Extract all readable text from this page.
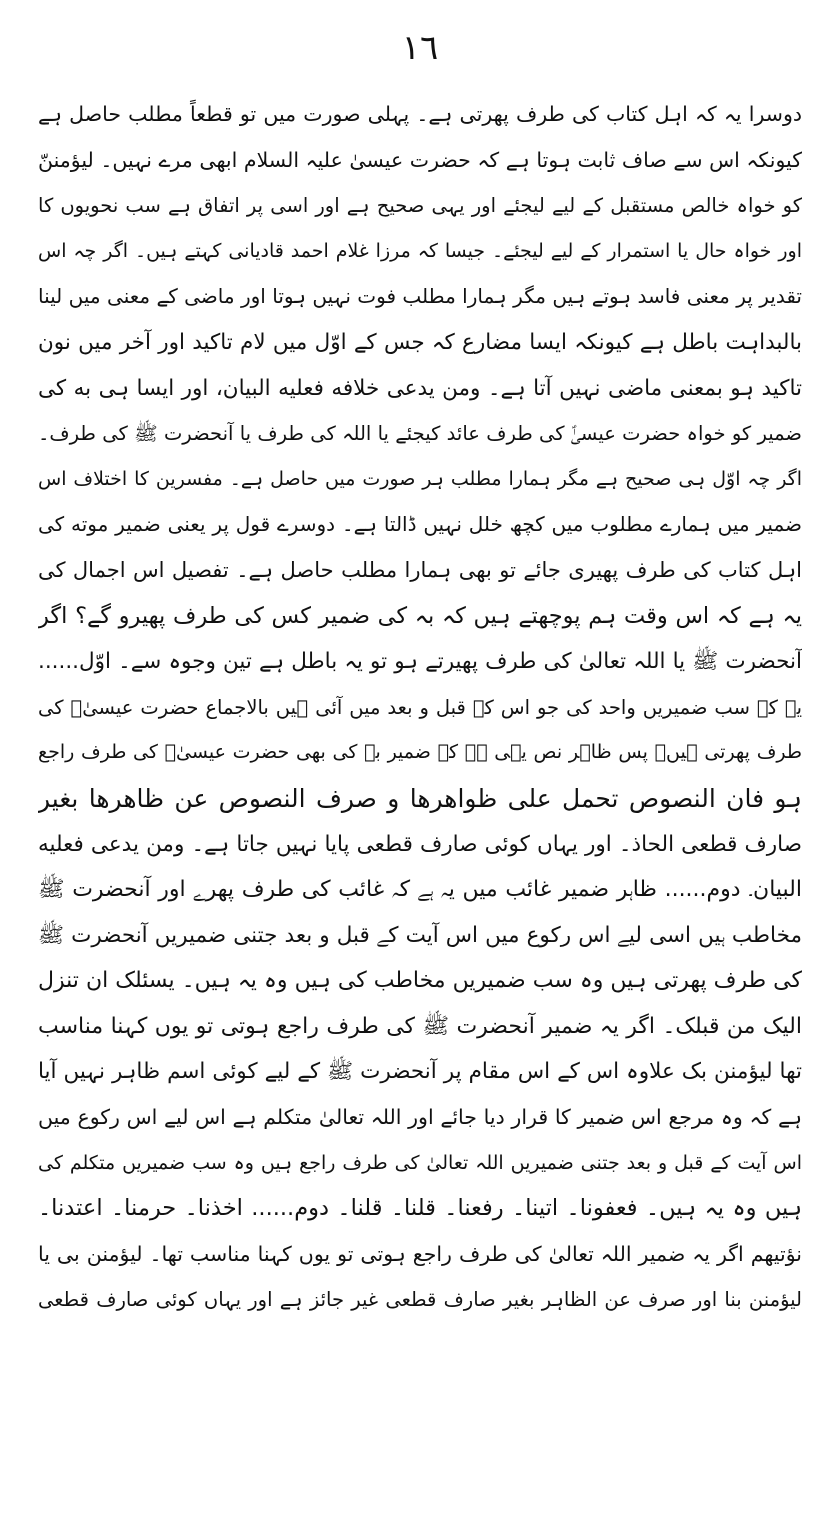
١٦
دوسرا یہ کہ اہل کتاب کی طرف پھرتی ہے۔ پہلی صورت میں تو قطعاً مطلب حاصل ہے
کیونکہ اس سے صاف ثابت ہوتا ہے کہ حضرت عیسیٰ علیہ السلام ابھی مرے نہیں۔ لیؤمننّ
کو خواہ خالص مستقبل کے لیے لیجئے اور یہی صحیح ہے اور اسی پر اتفاق ہے سب نحویوں کا
اور خواہ حال یا استمرار کے لیے لیجئے۔ جیسا کہ مرزا غلام احمد قادیانی کہتے ہیں۔ اگر چہ اس
تقدیر پر معنی فاسد ہوتے ہیں مگر ہمارا مطلب فوت نہیں ہوتا اور ماضی کے معنی میں لینا
بالبداہت باطل ہے کیونکہ ایسا مضارع کہ جس کے اوّل میں لام تاکید اور آخر میں نون
تاکید ہو بمعنی ماضی نہیں آتا ہے۔ ومن یدعی خلافه فعلیه البیان، اور ایسا ہی ﺑﻪ کی
ضمیر کو خواہ حضرت عیسیٰؑ کی طرف عائد کیجئے یا اللہ کی طرف یا آنحضرت ﷺ کی طرف۔
اگر چہ اوّل ہی صحیح ہے مگر ہمارا مطلب ہر صورت میں حاصل ہے۔ مفسرین کا اختلاف اس
ضمیر میں ہمارے مطلوب میں کچھ خلل نہیں ڈالتا ہے۔ دوسرے قول پر یعنی ضمیر موته کی
اہل کتاب کی طرف پھیری جائے تو بھی ہمارا مطلب حاصل ہے۔ تفصیل اس اجمال کی
یہ ہے کہ اس وقت ہم پوچھتے ہیں کہ بہ کی ضمیر کس کی طرف پھیرو گے؟ اگر
آنحضرت ﷺ یا اللہ تعالیٰ کی طرف پھیرتے ہو تو یہ باطل ہے تین وجوہ سے۔ اوّل......
یہ کہ سب ضمیریں واحد کی جو اس کے قبل و بعد میں آئی ہیں بالاجماع حضرت عیسیٰؑ کی
طرف پھرتی ہیں۔ پس ظاہر نص یہی ہے کہ ضمیر بہ کی بھی حضرت عیسیٰؑ کی طرف راجع
ہو فان النصوص تحمل علی ظواهرها و صرف النصوص عن ظاهرها بغیر
صارف قطعی الحاذ۔ اور یہاں کوئی صارف قطعی پایا نہیں جاتا ہے۔ ومن یدعی فعلیه
البیان۔ دوم...... ظاہر ضمیر غائب میں یہ ہے کہ غائب کی طرف پھرے اور آنحضرت ﷺ
مخاطب ہیں اسی لیے اس رکوع میں اس آیت کے قبل و بعد جتنی ضمیریں آنحضرت ﷺ
کی طرف پھرتی ہیں وہ سب ضمیریں مخاطب کی ہیں وہ یہ ہیں۔ یسئلک ان تنزل
الیک من قبلک۔ اگر یہ ضمیر آنحضرت ﷺ کی طرف راجع ہوتی تو یوں کہنا مناسب
تھا لیؤمنن بک علاوہ اس کے اس مقام پر آنحضرت ﷺ کے لیے کوئی اسم ظاہر نہیں آیا
ہے کہ وہ مرجع اس ضمیر کا قرار دیا جائے اور اللہ تعالیٰ متکلم ہے اس لیے اس رکوع میں
اس آیت کے قبل و بعد جتنی ضمیریں اللہ تعالیٰ کی طرف راجع ہیں وہ سب ضمیریں متکلم کی
ہیں وہ یہ ہیں۔ فعفونا۔ اتینا۔ رفعنا۔ قلنا۔ قلنا۔ دوم...... اخذنا۔ حرمنا۔ اعتدنا۔
نؤتیهم اگر یہ ضمیر اللہ تعالیٰ کی طرف راجع ہوتی تو یوں کہنا مناسب تھا۔ لیؤمنن بی یا
لیؤمنن بنا اور صرف عن الظاہر بغیر صارف قطعی غیر جائز ہے اور یہاں کوئی صارف قطعی
